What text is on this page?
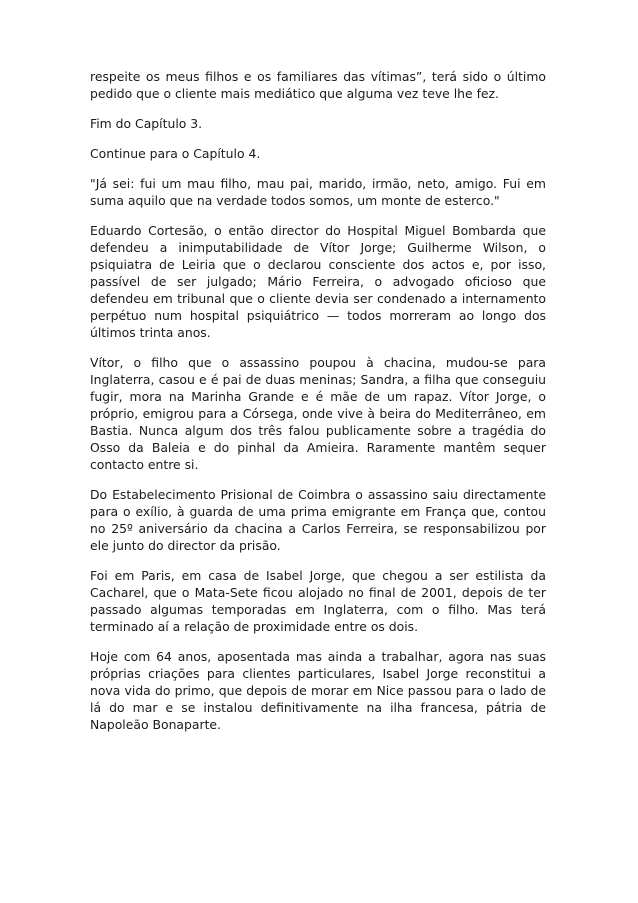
respeite os meus filhos e os familiares das vítimas”, terá sido o último pedido que o cliente mais mediático que alguma vez teve lhe fez.

Fim do Capítulo 3.

Continue para o Capítulo 4.

"Já sei: fui um mau filho, mau pai, marido, irmão, neto, amigo. Fui em suma aquilo que na verdade todos somos, um monte de esterco."

Eduardo Cortesão, o então director do Hospital Miguel Bombarda que defendeu a inimputabilidade de Vítor Jorge; Guilherme Wilson, o psiquiatra de Leiria que o declarou consciente dos actos e, por isso, passível de ser julgado; Mário Ferreira, o advogado oficioso que defendeu em tribunal que o cliente devia ser condenado a internamento perpétuo num hospital psiquiátrico — todos morreram ao longo dos últimos trinta anos.

Vítor, o filho que o assassino poupou à chacina, mudou-se para Inglaterra, casou e é pai de duas meninas; Sandra, a filha que conseguiu fugir, mora na Marinha Grande e é mãe de um rapaz. Vítor Jorge, o próprio, emigrou para a Córsega, onde vive à beira do Mediterrâneo, em Bastia. Nunca algum dos três falou publicamente sobre a tragédia do Osso da Baleia e do pinhal da Amieira. Raramente mantêm sequer contacto entre si.

Do Estabelecimento Prisional de Coimbra o assassino saiu directamente para o exílio, à guarda de uma prima emigrante em França que, contou no 25º aniversário da chacina a Carlos Ferreira, se responsabilizou por ele junto do director da prisão.

Foi em Paris, em casa de Isabel Jorge, que chegou a ser estilista da Cacharel, que o Mata-Sete ficou alojado no final de 2001, depois de ter passado algumas temporadas em Inglaterra, com o filho. Mas terá terminado aí a relação de proximidade entre os dois.

Hoje com 64 anos, aposentada mas ainda a trabalhar, agora nas suas próprias criações para clientes particulares, Isabel Jorge reconstitui a nova vida do primo, que depois de morar em Nice passou para o lado de lá do mar e se instalou definitivamente na ilha francesa, pátria de Napoleão Bonaparte.
